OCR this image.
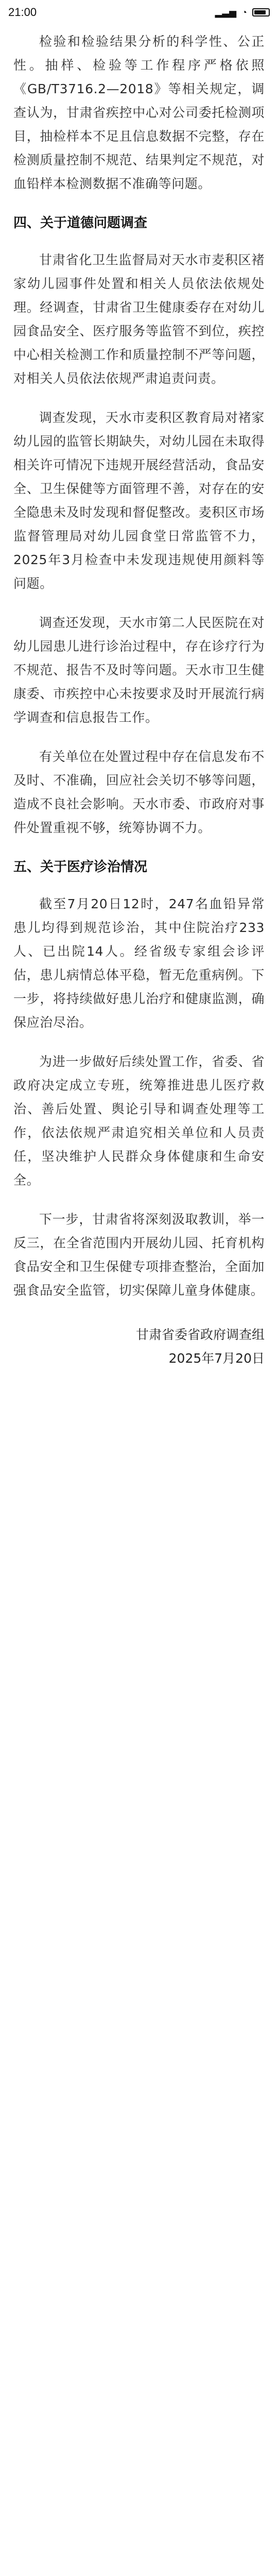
21:00	▂▃▅ ◔

检验和检验结果分析的科学性、公正性。抽样、检验等工作程序严格依照《GB/T3716.2—2018》等相关规定，调查认为，甘肃省疾控中心对公司委托检测项目，抽检样本不足且信息数据不完整，存在检测质量控制不规范、结果判定不规范，对血铅样本检测数据不准确等问题。

四、关于道德问题调查

甘肃省化卫生监督局对天水市麦积区褚家幼儿园事件处置和相关人员依法依规处理。经调查，甘肃省卫生健康委存在对幼儿园食品安全、医疗服务等监管不到位，疾控中心相关检测工作和质量控制不严等问题，对相关人员依法依规严肃追责问责。

调查发现，天水市麦积区教育局对褚家幼儿园的监管长期缺失，对幼儿园在未取得相关许可情况下违规开展经营活动，食品安全、卫生保健等方面管理不善，对存在的安全隐患未及时发现和督促整改。麦积区市场监督管理局对幼儿园食堂日常监管不力，2025年3月检查中未发现违规使用颜料等问题。

调查还发现，天水市第二人民医院在对幼儿园患儿进行诊治过程中，存在诊疗行为不规范、报告不及时等问题。天水市卫生健康委、市疾控中心未按要求及时开展流行病学调查和信息报告工作。

有关单位在处置过程中存在信息发布不及时、不准确，回应社会关切不够等问题，造成不良社会影响。天水市委、市政府对事件处置重视不够，统筹协调不力。

五、关于医疗诊治情况

截至7月20日12时，247名血铅异常患儿均得到规范诊治，其中住院治疗233人、已出院14人。经省级专家组会诊评估，患儿病情总体平稳，暂无危重病例。下一步，将持续做好患儿治疗和健康监测，确保应治尽治。

为进一步做好后续处置工作，省委、省政府决定成立专班，统筹推进患儿医疗救治、善后处置、舆论引导和调查处理等工作，依法依规严肃追究相关单位和人员责任，坚决维护人民群众身体健康和生命安全。

下一步，甘肃省将深刻汲取教训，举一反三，在全省范围内开展幼儿园、托育机构食品安全和卫生保健专项排查整治，全面加强食品安全监管，切实保障儿童身体健康。

甘肃省委省政府调查组
2025年7月20日
